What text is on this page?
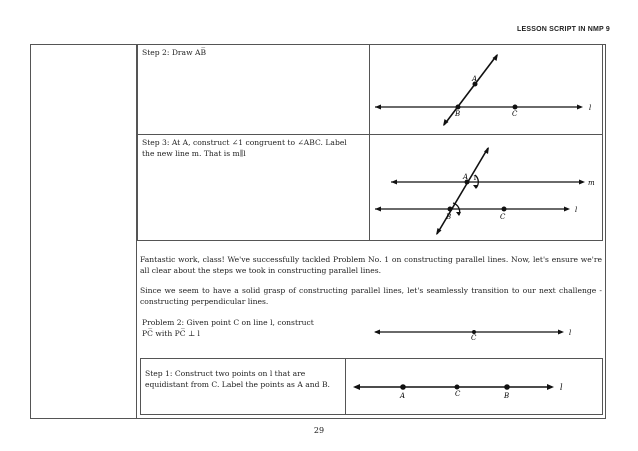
LESSON SCRIPT IN NMP 9
Step 2: Draw AB̅
A
B	C
l
Step 3: At A, construct ∠1 congruent to ∠ABC. Label
the new line m. That is m∥l
A 1
B	C
m
l
Fantastic work, class! We've successfully tackled Problem No. 1 on constructing parallel lines. Now, let's ensure we're all clear about the steps we took in constructing parallel lines.
Since we seem to have a solid grasp of constructing parallel lines, let's seamlessly transition to our next challenge - constructing perpendicular lines.
Problem 2: Given point C on line l, construct
PC̅ with PC̅ ⊥ l	C
l
Step 1: Construct two points on l that are
equidistant from C. Label the points as A and B.
A	C	B
l
29
